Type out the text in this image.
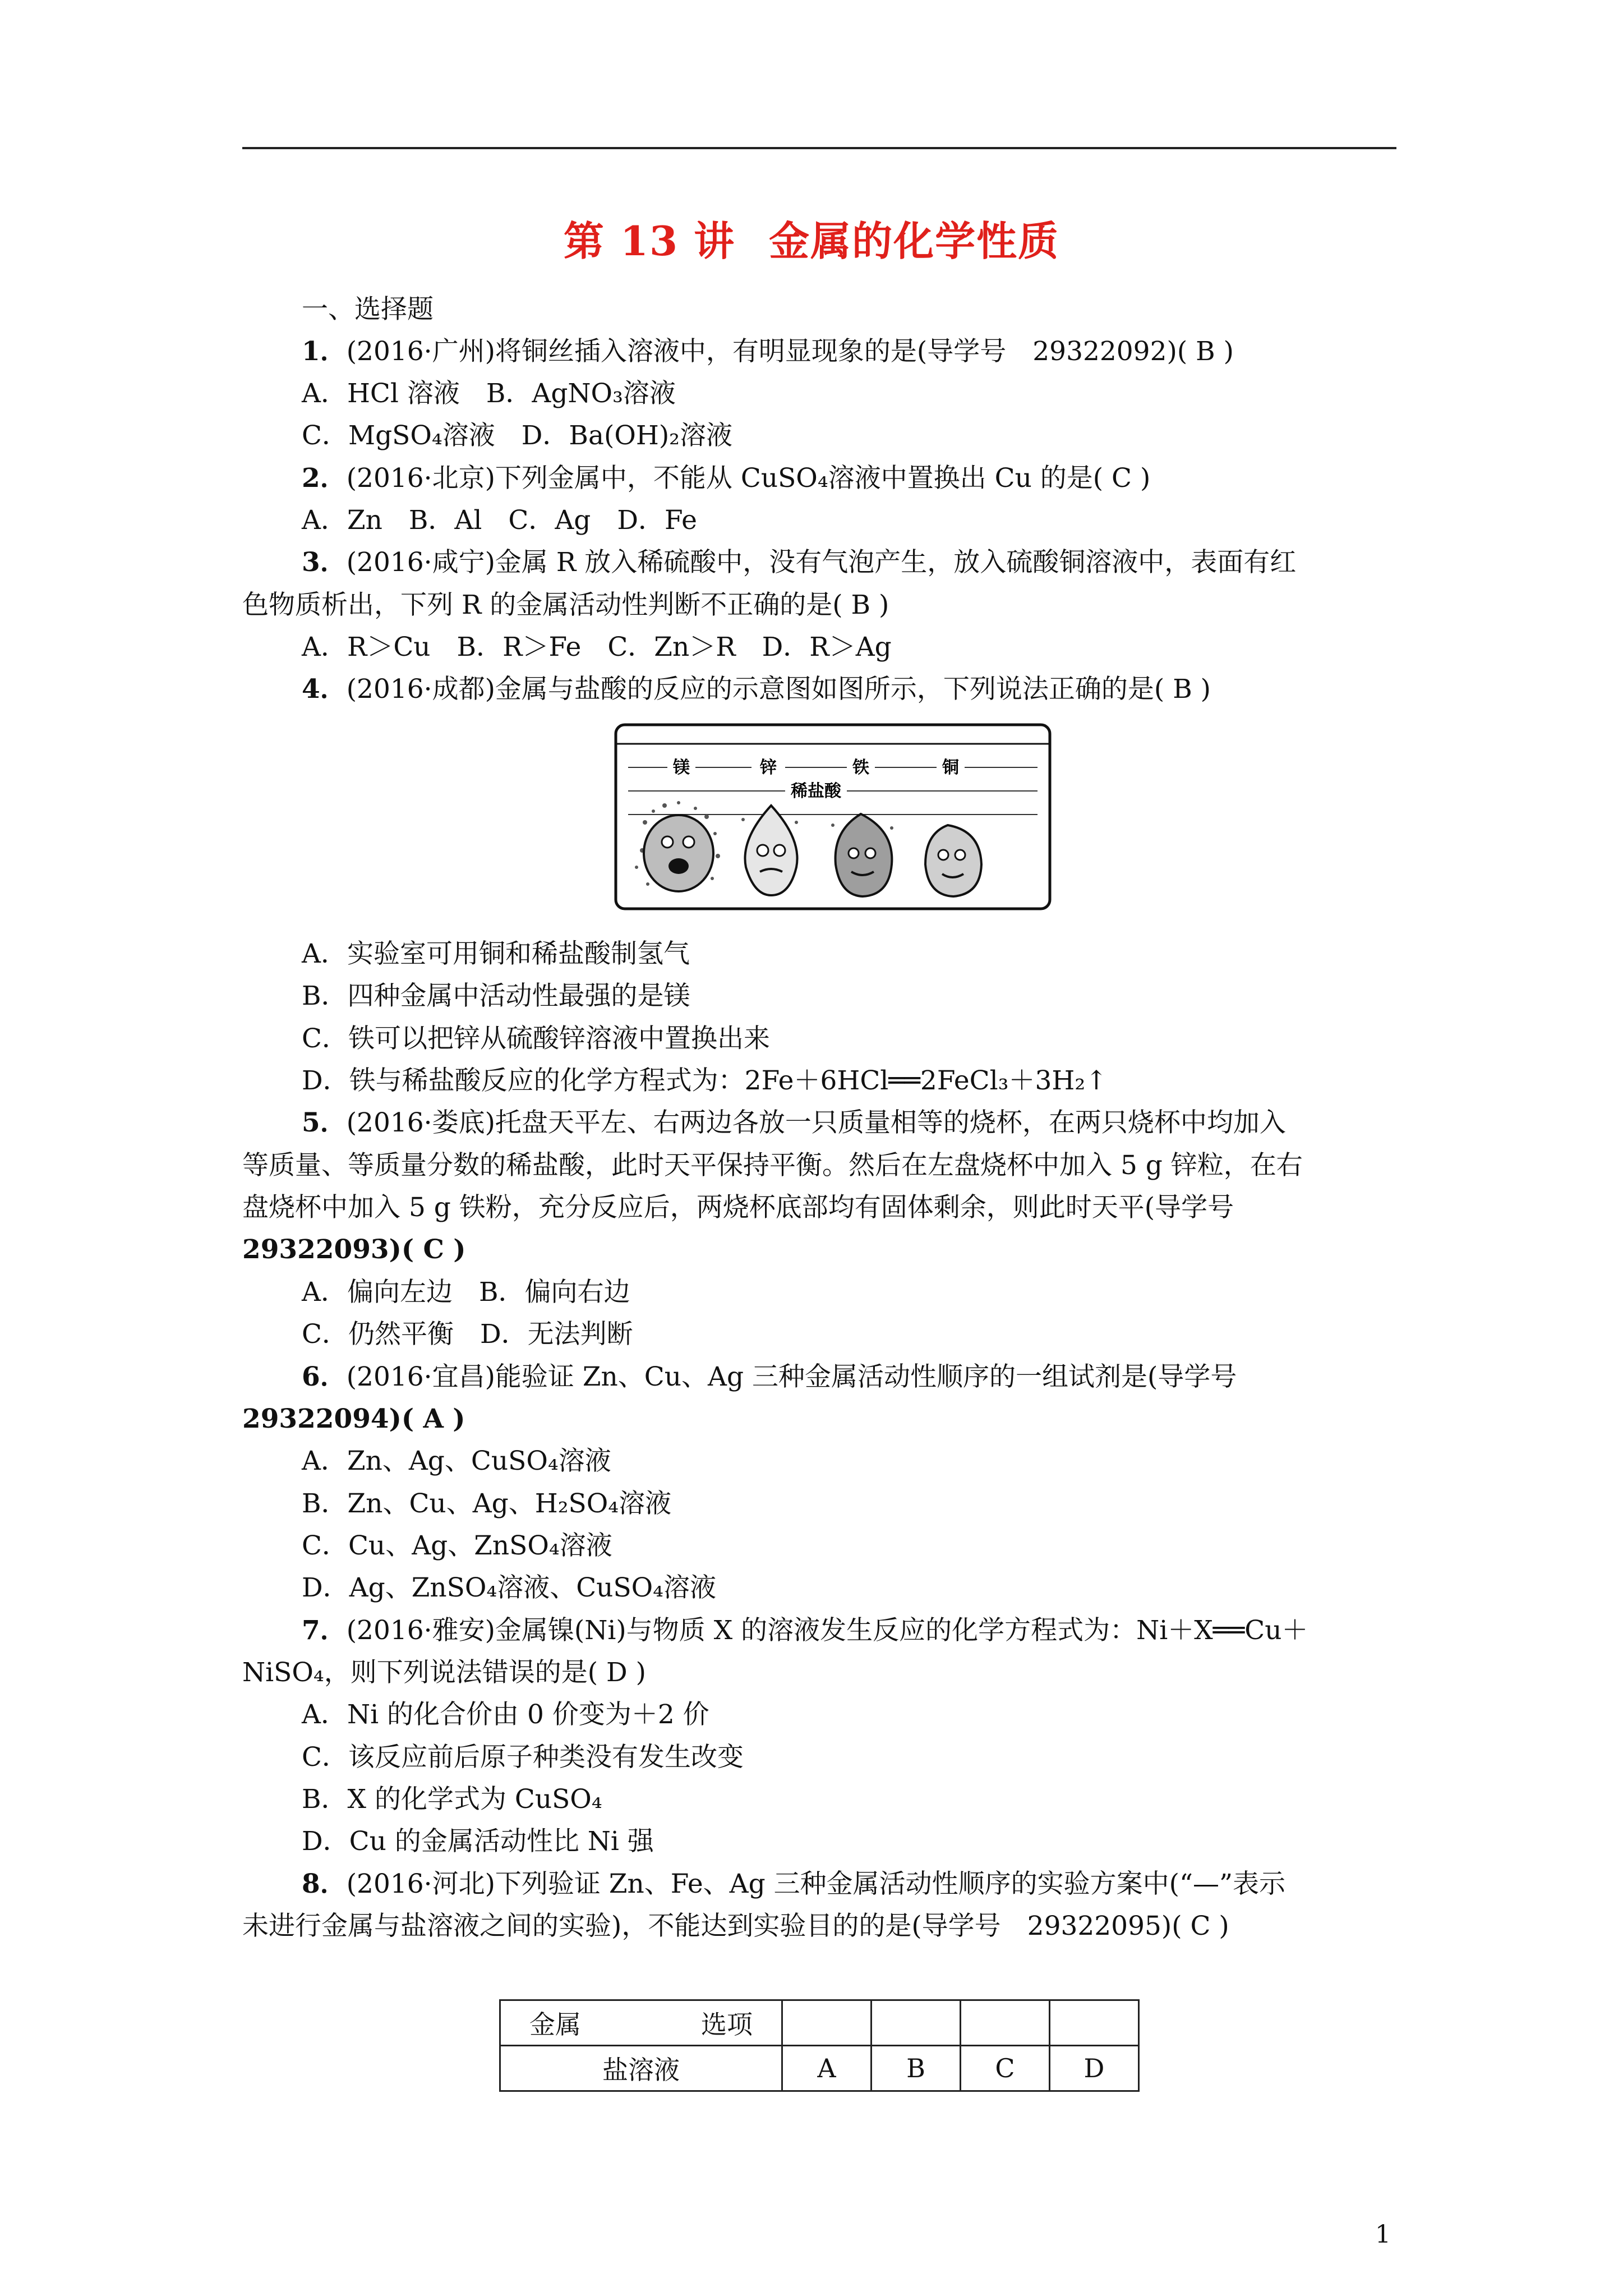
第 13 讲 金属的化学性质
一、选择题
1．(2016·广州)将铜丝插入溶液中，有明显现象的是(导学号　29322092)( B )
A．HCl 溶液　B．AgNO₃溶液
C．MgSO₄溶液　D．Ba(OH)₂溶液
2．(2016·北京)下列金属中，不能从 CuSO₄溶液中置换出 Cu 的是( C )
A．Zn　B．Al　C．Ag　D．Fe
3．(2016·咸宁)金属 R 放入稀硫酸中，没有气泡产生，放入硫酸铜溶液中，表面有红
色物质析出，下列 R 的金属活动性判断不正确的是( B )
A．R＞Cu　B．R＞Fe　C．Zn＞R　D．R＞Ag
4．(2016·成都)金属与盐酸的反应的示意图如图所示，下列说法正确的是( B )
镁	锌	铁	铜
稀盐酸
A．实验室可用铜和稀盐酸制氢气
B．四种金属中活动性最强的是镁
C．铁可以把锌从硫酸锌溶液中置换出来
D．铁与稀盐酸反应的化学方程式为：2Fe＋6HCl══2FeCl₃＋3H₂↑
5．(2016·娄底)托盘天平左、右两边各放一只质量相等的烧杯，在两只烧杯中均加入
等质量、等质量分数的稀盐酸，此时天平保持平衡。然后在左盘烧杯中加入 5 g 锌粒，在右
盘烧杯中加入 5 g 铁粉，充分反应后，两烧杯底部均有固体剩余，则此时天平(导学号
29322093)( C )
A．偏向左边　B．偏向右边
C．仍然平衡　D．无法判断
6．(2016·宜昌)能验证 Zn、Cu、Ag 三种金属活动性顺序的一组试剂是(导学号
29322094)( A )
A．Zn、Ag、CuSO₄溶液
B．Zn、Cu、Ag、H₂SO₄溶液
C．Cu、Ag、ZnSO₄溶液
D．Ag、ZnSO₄溶液、CuSO₄溶液
7．(2016·雅安)金属镍(Ni)与物质 X 的溶液发生反应的化学方程式为：Ni＋X══Cu＋
NiSO₄，则下列说法错误的是( D )
A．Ni 的化合价由 0 价变为＋2 价
C．该反应前后原子种类没有发生改变
B．X 的化学式为 CuSO₄
D．Cu 的金属活动性比 Ni 强
8．(2016·河北)下列验证 Zn、Fe、Ag 三种金属活动性顺序的实验方案中(“—”表示
未进行金属与盐溶液之间的实验)，不能达到实验目的的是(导学号　29322095)( C )
金属 选项				

盐溶液	A	B	C	D
1
